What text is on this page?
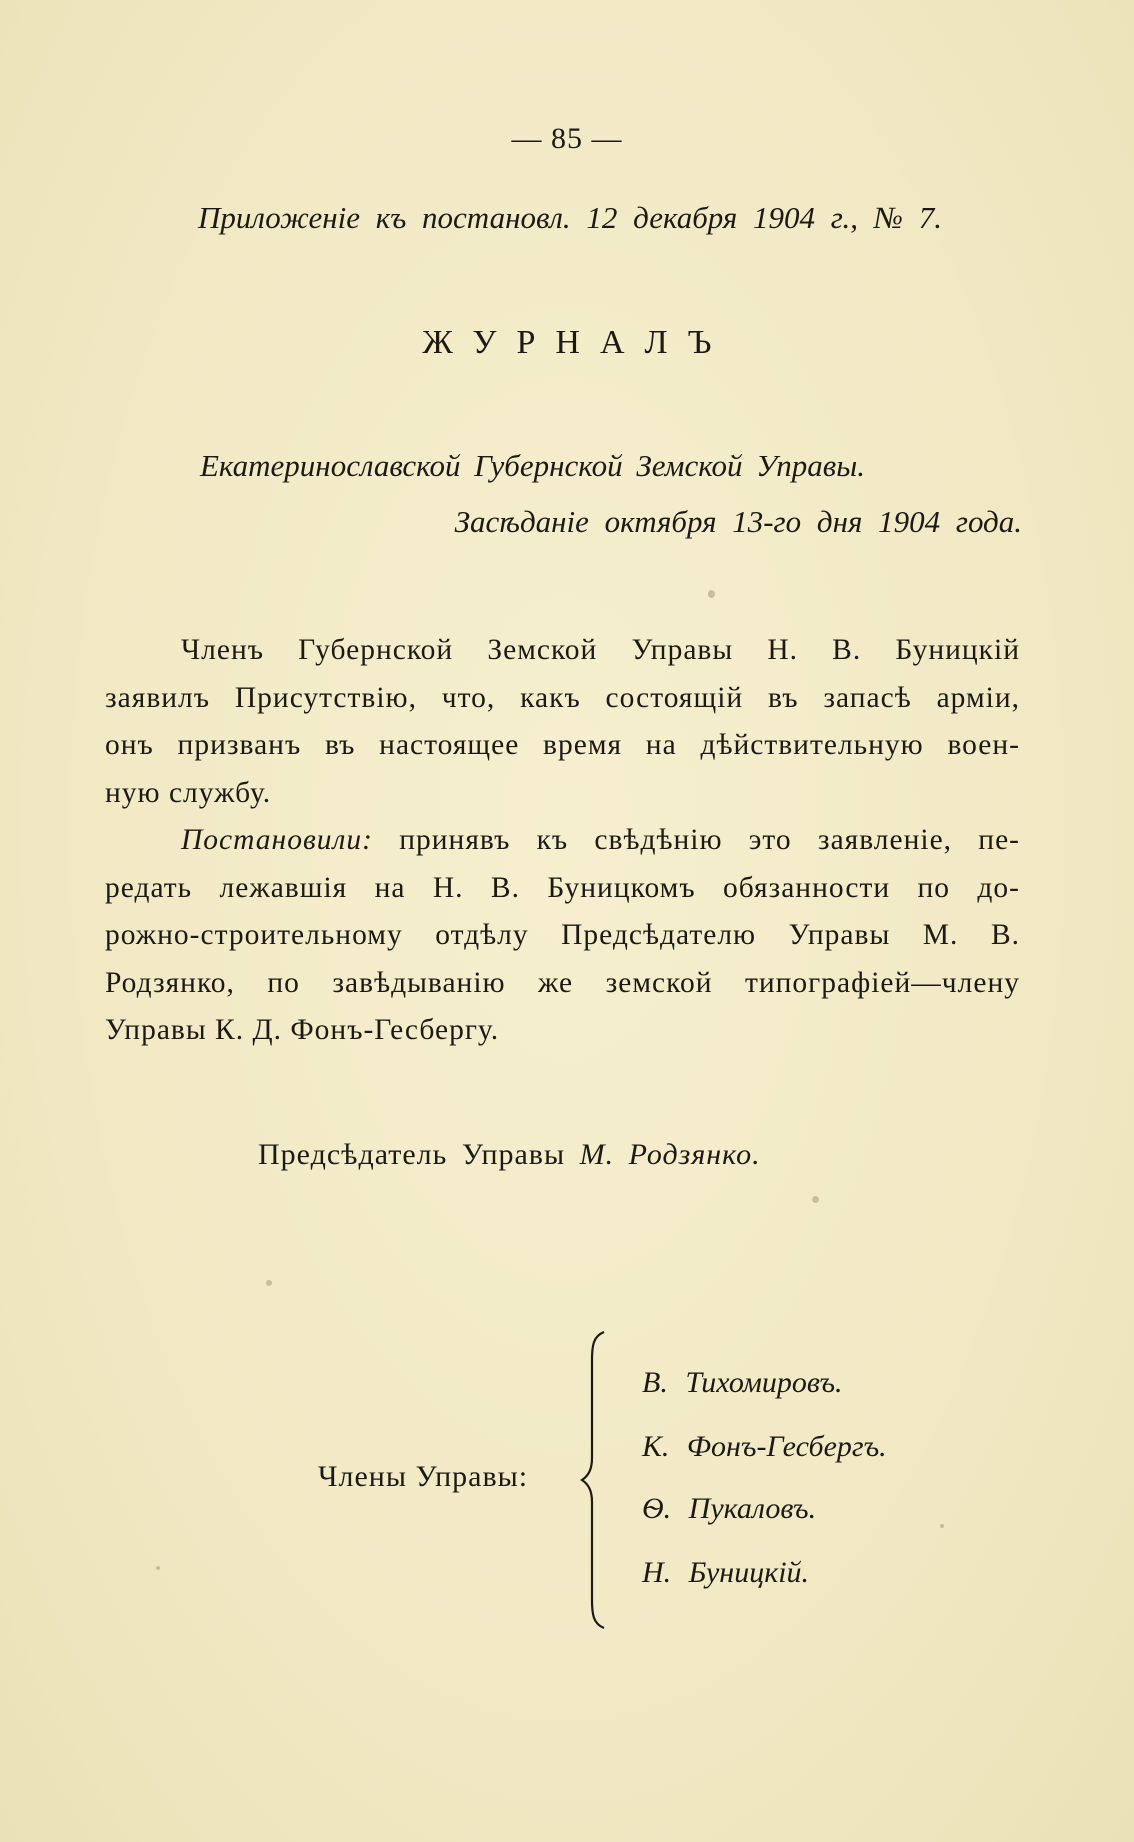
— 85 —
Приложенiе къ постановл. 12 декабря 1904 г., № 7.
ЖУРНАЛЪ
Екатеринославской Губернской Земской Управы.
Засѣданiе октября 13-го дня 1904 года.
Членъ Губернской Земской Управы Н. В. Буницкiй
заявилъ Присутствiю, что, какъ состоящiй въ запасѣ армiи,
онъ призванъ въ настоящее время на дѣйствительную воен-
ную службу.
Постановили: принявъ къ свѣдѣнiю это заявленiе, пе-
редать лежавшiя на Н. В. Буницкомъ обязанности по до-
рожно-строительному отдѣлу Предсѣдателю Управы М. В.
Родзянко, по завѣдыванiю же земской типографiей—члену
Управы К. Д. Фонъ-Гесбергу.
Предсѣдатель Управы М. Родзянко.
Члены Управы:
В. Тихомировъ.
К. Фонъ-Гесбергъ.
Ѳ. Пукаловъ.
Н. Буницкiй.
